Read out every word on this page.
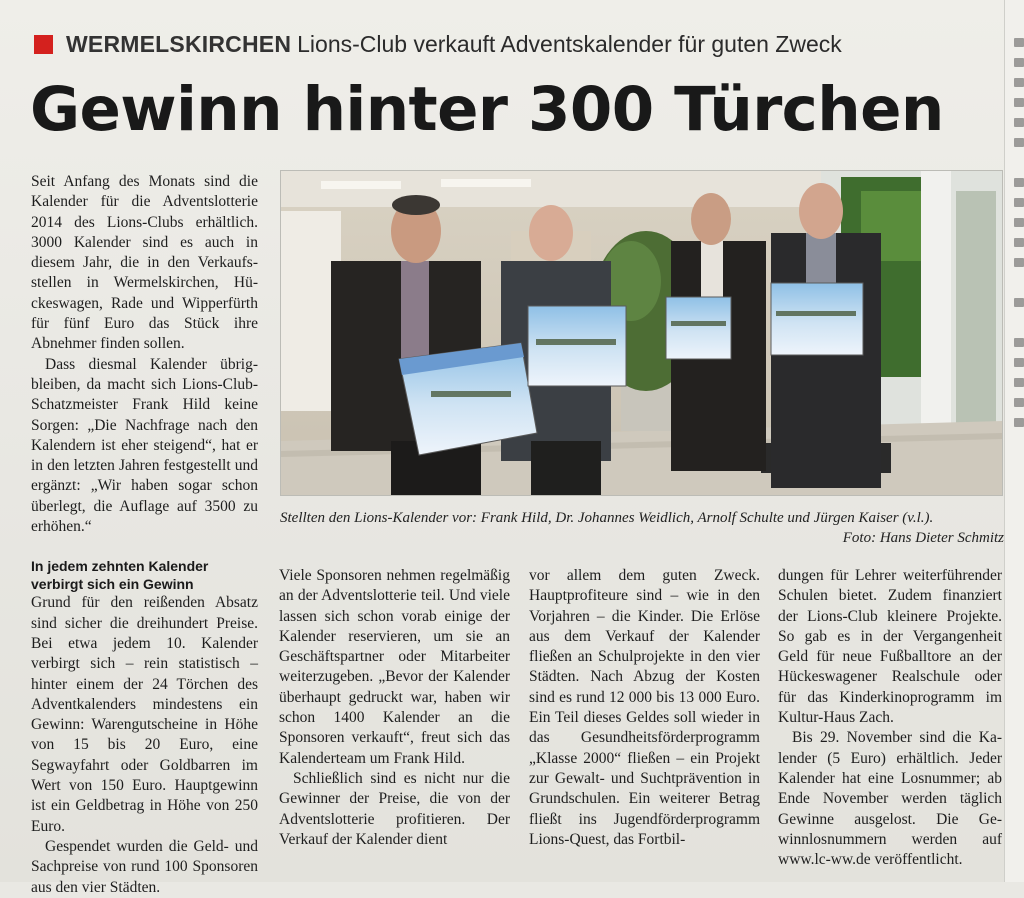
WERMELSKIRCHEN Lions-Club verkauft Adventskalender für guten Zweck
Gewinn hinter 300 Türchen

Seit Anfang des Monats sind die Kalender für die Adventslotterie 2014 des Lions-Clubs erhältlich. 3000 Kalender sind es auch in diesem Jahr, die in den Verkaufsstellen in Wermelskirchen, Hückeswagen, Rade und Wipperfürth für fünf Euro das Stück ihre Abnehmer finden sollen.

Dass diesmal Kalender übrigbleiben, da macht sich Lions-Club-Schatzmeister Frank Hild keine Sorgen: „Die Nachfrage nach den Kalendern ist eher steigend“, hat er in den letzten Jahren festgestellt und ergänzt: „Wir haben sogar schon überlegt, die Auflage auf 3500 zu erhöhen.“

In jedem zehnten Kalender verbirgt sich ein Gewinn

Grund für den reißenden Absatz sind sicher die dreihundert Preise. Bei etwa jedem 10. Kalender verbirgt sich – rein statistisch – hinter einem der 24 Törchen des Adventkalenders mindestens ein Gewinn: Warengutscheine in Höhe von 15 bis 20 Euro, eine Segwayfahrt oder Goldbarren im Wert von 150 Euro. Hauptgewinn ist ein Geldbetrag in Höhe von 250 Euro.

Gespendet wurden die Geld- und Sachpreise von rund 100 Sponsoren aus den vier Städten.

Stellten den Lions-Kalender vor: Frank Hild, Dr. Johannes Weidlich, Arnolf Schulte und Jürgen Kaiser (v.l.).
Foto: Hans Dieter Schmitz

Viele Sponsoren nehmen regelmäßig an der Adventslotterie teil. Und viele lassen sich schon vorab einige der Kalender reservieren, um sie an Geschäftspartner oder Mitarbeiter weiterzugeben. „Bevor der Kalender überhaupt gedruckt war, haben wir schon 1400 Kalender an die Sponsoren verkauft“, freut sich das Kalenderteam um Frank Hild.

Schließlich sind es nicht nur die Gewinner der Preise, die von der Adventslotterie profitieren. Der Verkauf der Kalender dient

vor allem dem guten Zweck. Hauptprofiteure sind – wie in den Vorjahren – die Kinder. Die Erlöse aus dem Verkauf der Kalender fließen an Schulprojekte in den vier Städten. Nach Abzug der Kosten sind es rund 12 000 bis 13 000 Euro. Ein Teil dieses Geldes soll wieder in das Gesundheitsförderprogramm „Klasse 2000“ fließen – ein Projekt zur Gewalt- und Suchtprävention in Grundschulen. Ein weiterer Betrag fließt ins Jugendförderprogramm Lions-Quest, das Fortbil-

dungen für Lehrer weiterführender Schulen bietet. Zudem finanziert der Lions-Club kleinere Projekte. So gab es in der Vergangenheit Geld für neue Fußballtore an der Hückeswagener Realschule oder für das Kinderkinoprogramm im Kultur-Haus Zach.

Bis 29. November sind die Kalender (5 Euro) erhältlich. Jeder Kalender hat eine Losnummer; ab Ende November werden täglich Gewinne ausgelost. Die Gewinnlosnummern werden auf www.lc-ww.de veröffentlicht.
